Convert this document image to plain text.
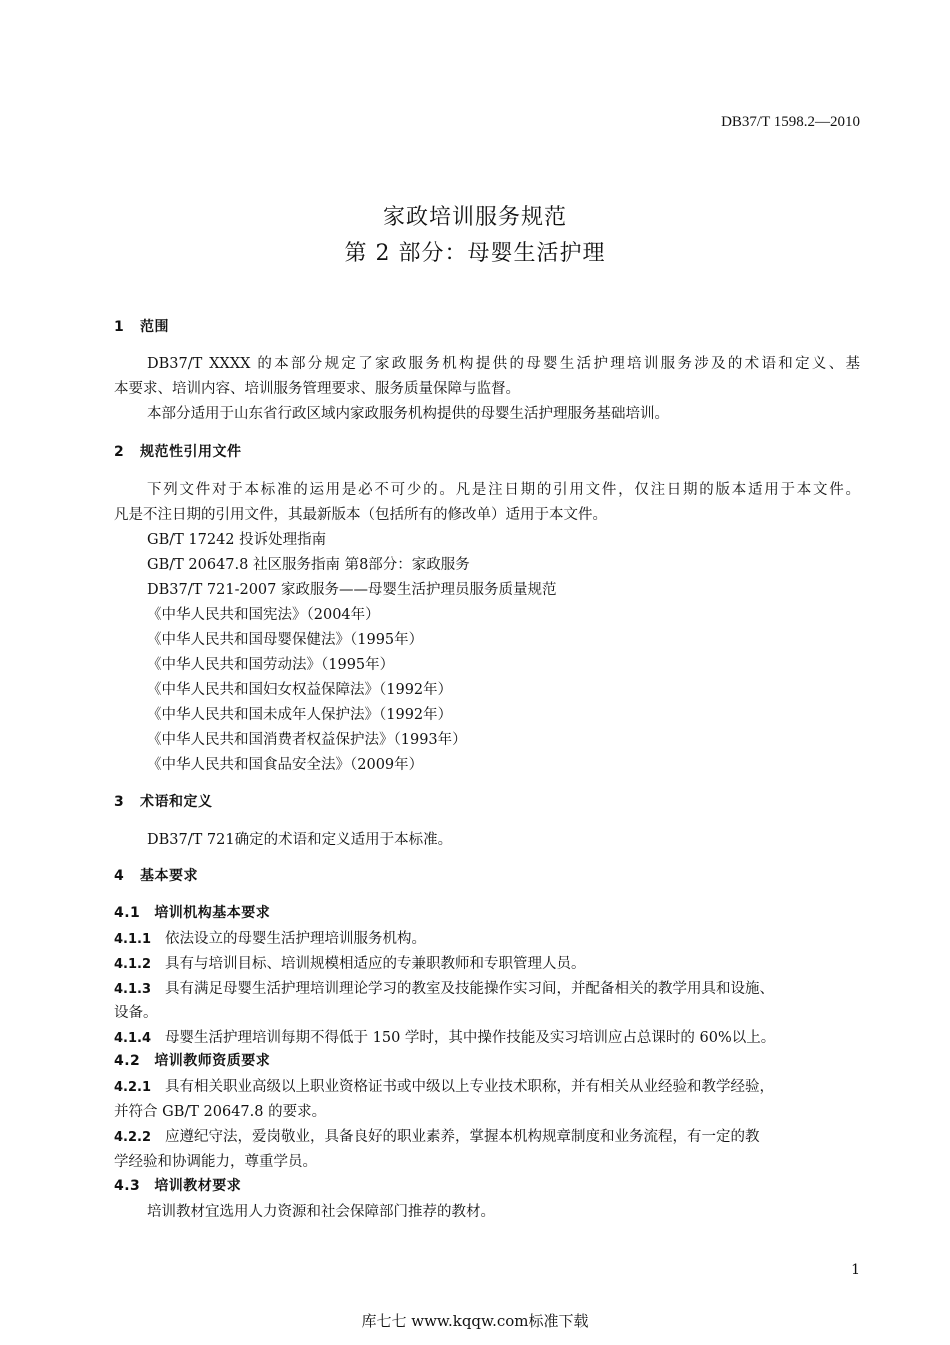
DB37/T 1598.2—2010
家政培训服务规范
第 2 部分：母婴生活护理
1 范围
DB37/T XXXX 的本部分规定了家政服务机构提供的母婴生活护理培训服务涉及的术语和定义、基
本要求、培训内容、培训服务管理要求、服务质量保障与监督。
本部分适用于山东省行政区域内家政服务机构提供的母婴生活护理服务基础培训。
2 规范性引用文件
下列文件对于本标准的运用是必不可少的。凡是注日期的引用文件，仅注日期的版本适用于本文件。
凡是不注日期的引用文件，其最新版本（包括所有的修改单）适用于本文件。
GB/T 17242 投诉处理指南
GB/T 20647.8 社区服务指南 第8部分：家政服务
DB37/T 721-2007 家政服务——母婴生活护理员服务质量规范
《中华人民共和国宪法》（2004年）
《中华人民共和国母婴保健法》（1995年）
《中华人民共和国劳动法》（1995年）
《中华人民共和国妇女权益保障法》（1992年）
《中华人民共和国未成年人保护法》（1992年）
《中华人民共和国消费者权益保护法》（1993年）
《中华人民共和国食品安全法》（2009年）
3 术语和定义
DB37/T 721确定的术语和定义适用于本标准。
4 基本要求
4.1 培训机构基本要求
4.1.1 依法设立的母婴生活护理培训服务机构。
4.1.2 具有与培训目标、培训规模相适应的专兼职教师和专职管理人员。
4.1.3 具有满足母婴生活护理培训理论学习的教室及技能操作实习间，并配备相关的教学用具和设施、
设备。
4.1.4 母婴生活护理培训每期不得低于 150 学时，其中操作技能及实习培训应占总课时的 60%以上。
4.2 培训教师资质要求
4.2.1 具有相关职业高级以上职业资格证书或中级以上专业技术职称，并有相关从业经验和教学经验，
并符合 GB/T 20647.8 的要求。
4.2.2 应遵纪守法，爱岗敬业，具备良好的职业素养，掌握本机构规章制度和业务流程，有一定的教
学经验和协调能力，尊重学员。
4.3 培训教材要求
培训教材宜选用人力资源和社会保障部门推荐的教材。
1
库七七 www.kqqw.com标准下载
